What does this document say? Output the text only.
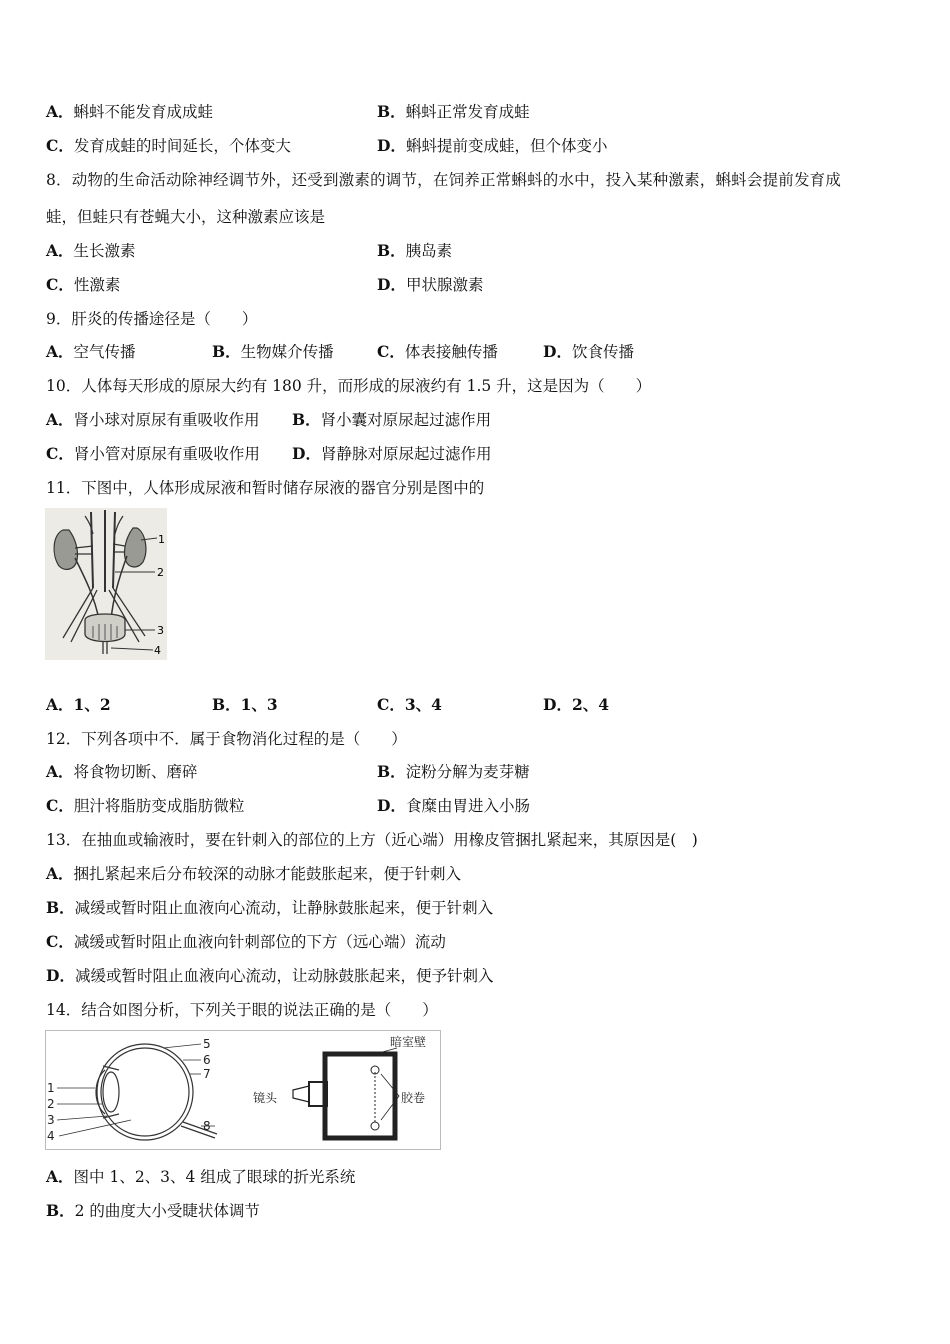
A．蝌蚪不能发育成成蛙	B．蝌蚪正常发育成蛙
C．发育成蛙的时间延长，个体变大	D．蝌蚪提前变成蛙，但个体变小
8．动物的生命活动除神经调节外，还受到激素的调节，在饲养正常蝌蚪的水中，投入某种激素，蝌蚪会提前发育成
蛙，但蛙只有苍蝇大小，这种激素应该是
A．生长激素	B．胰岛素
C．性激素	D．甲状腺激素
9．肝炎的传播途径是（　　）
A．空气传播	B．生物媒介传播	C．体表接触传播	D．饮食传播
10．人体每天形成的原尿大约有 180 升，而形成的尿液约有 1.5 升，这是因为（　　）
A．肾小球对原尿有重吸收作用 B．肾小囊对原尿起过滤作用
C．肾小管对原尿有重吸收作用 D．肾静脉对原尿起过滤作用
11．下图中，人体形成尿液和暂时储存尿液的器官分别是图中的
1
2
3
4
A．1、2	B．1、3	C．3、4	D．2、4
12．下列各项中不．属于食物消化过程的是（　　）
A．将食物切断、磨碎	B．淀粉分解为麦芽糖
C．胆汁将脂肪变成脂肪微粒	D．食糜由胃进入小肠
13．在抽血或输液时，要在针刺入的部位的上方（近心端）用橡皮管捆扎紧起来，其原因是(　)
A．捆扎紧起来后分布较深的动脉才能鼓胀起来，便于针刺入
B．减缓或暂时阻止血液向心流动，让静脉鼓胀起来，便于针刺入
C．减缓或暂时阻止血液向针刺部位的下方（远心端）流动
D．减缓或暂时阻止血液向心流动，让动脉鼓胀起来，便予针刺入
14．结合如图分析，下列关于眼的说法正确的是（　　）
1
2
3
4
5
6
7
8
暗室壁
镜头	胶卷
A．图中 1、2、3、4 组成了眼球的折光系统
B．2 的曲度大小受睫状体调节
